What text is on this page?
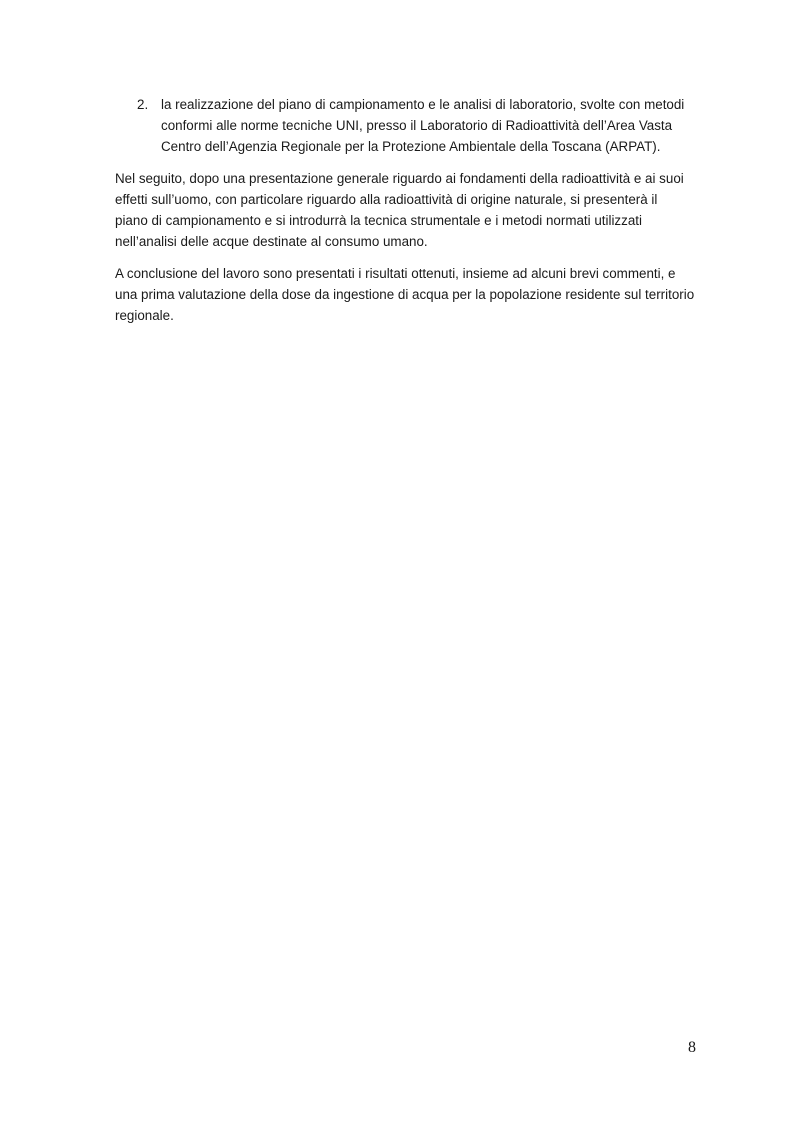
2. la realizzazione del piano di campionamento e le analisi di laboratorio, svolte con metodi
conformi alle norme tecniche UNI, presso il Laboratorio di Radioattività dell’Area Vasta
Centro dell’Agenzia Regionale per la Protezione Ambientale della Toscana (ARPAT).

Nel seguito, dopo una presentazione generale riguardo ai fondamenti della radioattività e ai suoi
effetti sull’uomo, con particolare riguardo alla radioattività di origine naturale, si presenterà il
piano di campionamento e si introdurrà la tecnica strumentale e i metodi normati utilizzati
nell’analisi delle acque destinate al consumo umano.

A conclusione del lavoro sono presentati i risultati ottenuti, insieme ad alcuni brevi commenti, e
una prima valutazione della dose da ingestione di acqua per la popolazione residente sul territorio
regionale.

8
